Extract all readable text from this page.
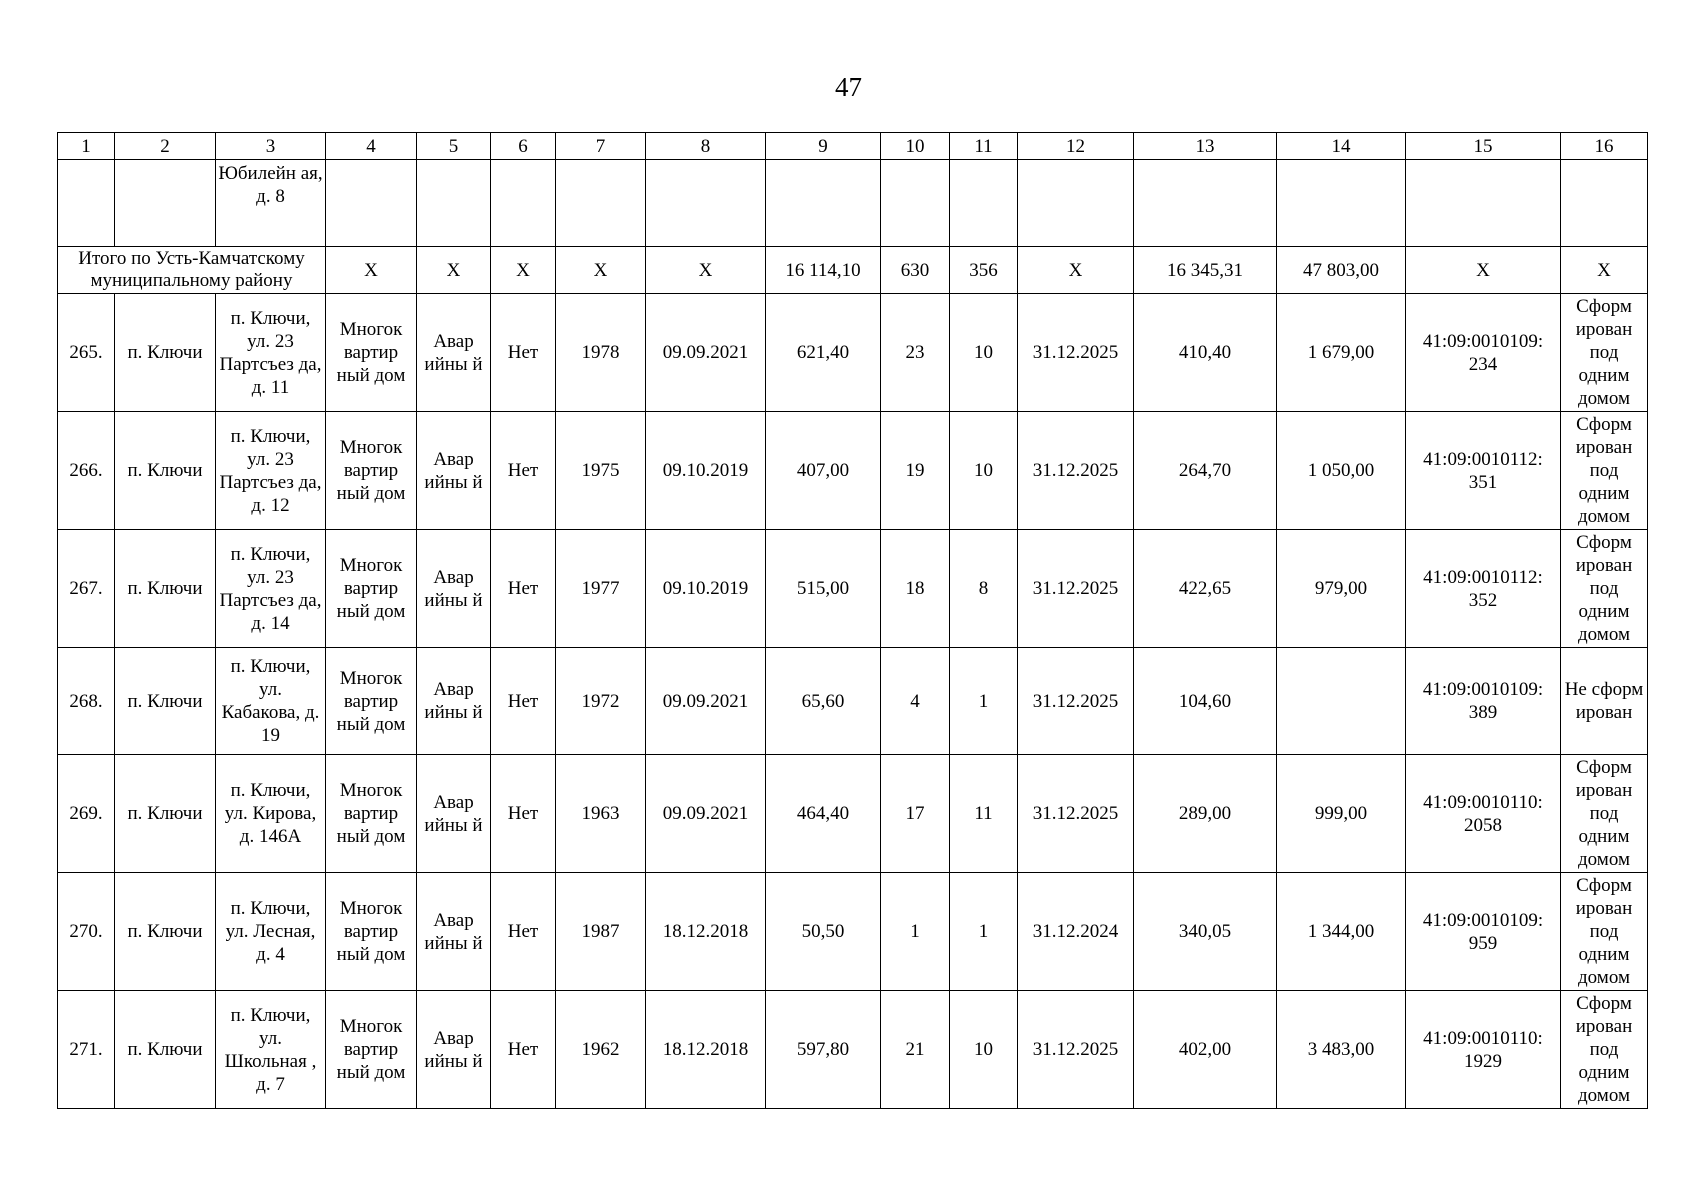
47
1	2	3	4	5	6	7	8	9	10	11	12	13	14	15	16
		Юбилейн ая, д. 8													
Итого по Усть-Камчатскому муниципальному району			X	X	X	X	X	16 114,10	630	356	X	16 345,31	47 803,00	X	X
265.	п. Ключи	п. Ключи, ул. 23 Партсъез да, д. 11	Многок вартир ный дом	Авар ийны й	Нет	1978	09.09.2021	621,40	23	10	31.12.2025	410,40	1 679,00	41:09:0010109: 234	Сформ ирован под одним домом
266.	п. Ключи	п. Ключи, ул. 23 Партсъез да, д. 12	Многок вартир ный дом	Авар ийны й	Нет	1975	09.10.2019	407,00	19	10	31.12.2025	264,70	1 050,00	41:09:0010112: 351	Сформ ирован под одним домом
267.	п. Ключи	п. Ключи, ул. 23 Партсъез да, д. 14	Многок вартир ный дом	Авар ийны й	Нет	1977	09.10.2019	515,00	18	8	31.12.2025	422,65	979,00	41:09:0010112: 352	Сформ ирован под одним домом
268.	п. Ключи	п. Ключи, ул. Кабакова, д. 19	Многок вартир ный дом	Авар ийны й	Нет	1972	09.09.2021	65,60	4	1	31.12.2025	104,60		41:09:0010109: 389	Не сформ ирован
269.	п. Ключи	п. Ключи, ул. Кирова, д. 146А	Многок вартир ный дом	Авар ийны й	Нет	1963	09.09.2021	464,40	17	11	31.12.2025	289,00	999,00	41:09:0010110: 2058	Сформ ирован под одним домом
270.	п. Ключи	п. Ключи, ул. Лесная, д. 4	Многок вартир ный дом	Авар ийны й	Нет	1987	18.12.2018	50,50	1	1	31.12.2024	340,05	1 344,00	41:09:0010109: 959	Сформ ирован под одним домом
271.	п. Ключи	п. Ключи, ул. Школьная , д. 7	Многок вартир ный дом	Авар ийны й	Нет	1962	18.12.2018	597,80	21	10	31.12.2025	402,00	3 483,00	41:09:0010110: 1929	Сформ ирован под одним домом
